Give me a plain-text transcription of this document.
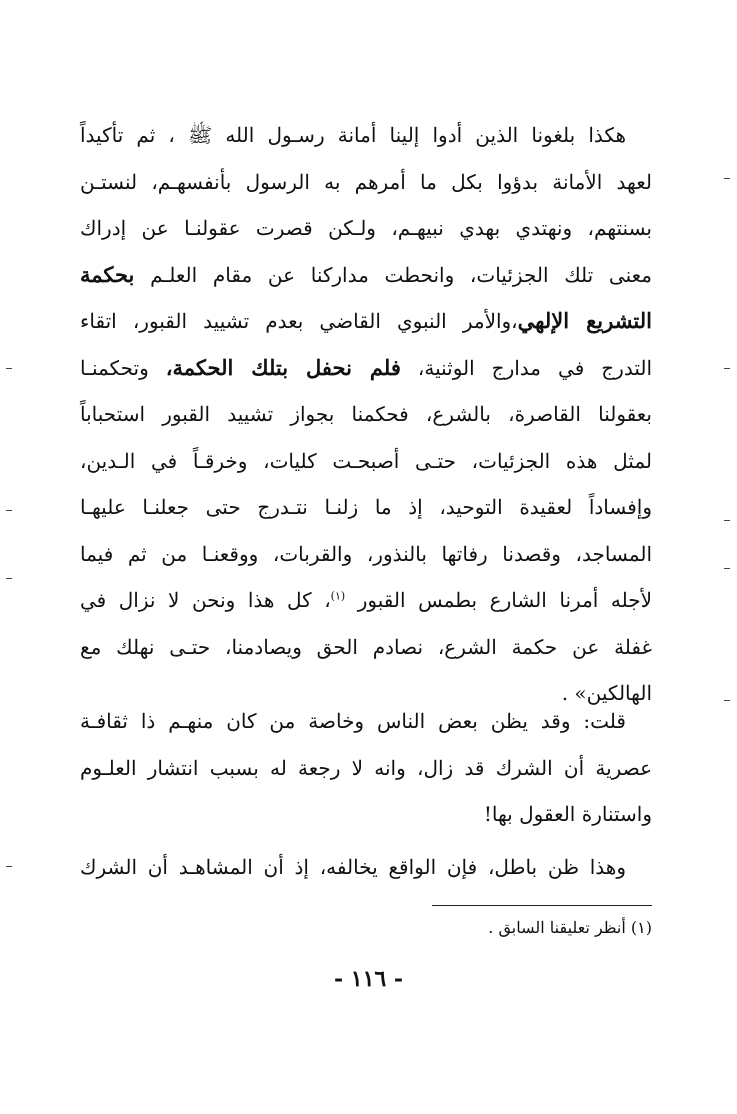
هكذا بلغونا الذين أدوا إلينا أمانة رسـول الله ﷺ ، ثم تأكيداً
لعهد الأمانة بدؤوا بكل ما أمرهم به الرسول بأنفسهـم، لنستـن
بسنتهم، ونهتدي بهدي نبيهـم، ولـكن قصرت عقولنـا عن إدراك
معنى تلك الجزئيات، وانحطت مداركنا عن مقام العلـم بحكمة
التشريع الإلهي،والأمر النبوي القاضي بعدم تشييد القبور، اتقاء
التدرج في مدارج الوثنية، فلم نحفل بتلك الحكمة، وتحكمنـا
بعقولنا القاصرة، بالشرع، فحكمنا بجواز تشييد القبور استحباباً
لمثل هذه الجزئيات، حتـى أصبحـت كليات، وخرقـاً في الـدين،
وإفساداً لعقيدة التوحيد، إذ ما زلنـا نتـدرج حتى جعلنـا عليهـا
المساجد، وقصدنا رفاتها بالنذور، والقربات، ووقعنـا من ثم فيما
لأجله أمرنا الشارع بطمس القبور $^{(١)}$، كل هذا ونحن لا نزال في
غفلة عن حكمة الشرع، نصادم الحق ويصادمنا، حتـى نهلك مع
الهالكين» .
قلت: وقد يظن بعض الناس وخاصة من كان منهـم ذا ثقافـة
عصرية أن الشرك قد زال، وانه لا رجعة له بسبب انتشار العلـوم
واستنارة العقول بها!
وهذا ظن باطل، فإن الواقع يخالفه، إذ أن المشاهـد أن الشرك
(١) أنظر تعليقنا السابق .
- ١١٦ -
